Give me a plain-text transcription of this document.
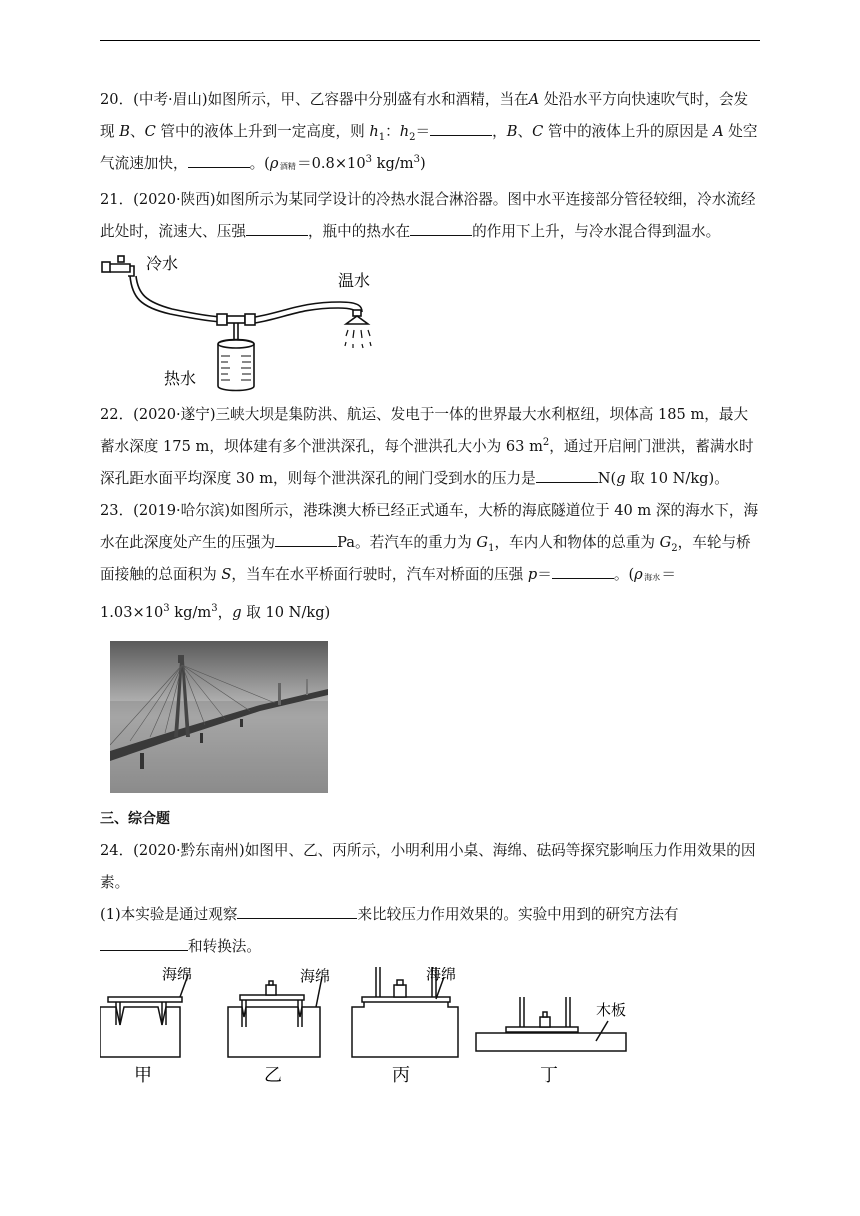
20．(中考·眉山)如图所示，甲、乙容器中分别盛有水和酒精，当在A 处沿水平方向快速吹气时，会发现 B、C 管中的液体上升到一定高度，则 $h_1$：$h_2=$	，B、C 管中的液体上升的原因是 A 处空气流速加快，	。(ρ 酒精 $=0.8\times 10^3$ $kg/m^3$)

21．(2020·陕西)如图所示为某同学设计的冷热水混合淋浴器。图中水平连接部分管径较细，冷水流经此处时，流速大、压强	，瓶中的热水在	的作用下上升，与冷水混合得到温水。

冷水
温水
热水

22．(2020·遂宁)三峡大坝是集防洪、航运、发电于一体的世界最大水利枢纽，坝体高 185 m，最大蓄水深度 175 m，坝体建有多个泄洪深孔，每个泄洪孔大小为 63 $m^2$，通过开启闸门泄洪，蓄满水时深孔距水面平均深度 30 m，则每个泄洪深孔的闸门受到水的压力是	N(g 取 10 N/kg)。

23．(2019·哈尔滨)如图所示，港珠澳大桥已经正式通车，大桥的海底隧道位于 40 m 深的海水下，海水在此深度处产生的压强为	Pa。若汽车的重力为 $G_1$，车内人和物体的总重为 $G_2$，车轮与桥面接触的总面积为 S，当车在水平桥面行驶时，汽车对桥面的压强 p＝	。(ρ 海水 ＝

$1.03\times 10^3$ $kg/m^3$，g 取 10 N/kg)

三、综合题

24．(2020·黔东南州)如图甲、乙、丙所示，小明利用小桌、海绵、砝码等探究影响压力作用效果的因素。

(1)本实验是通过观察	来比较压力作用效果的。实验中用到的研究方法有

和转换法。

海绵	海绵	海绵
木板
甲	乙	丙	丁
